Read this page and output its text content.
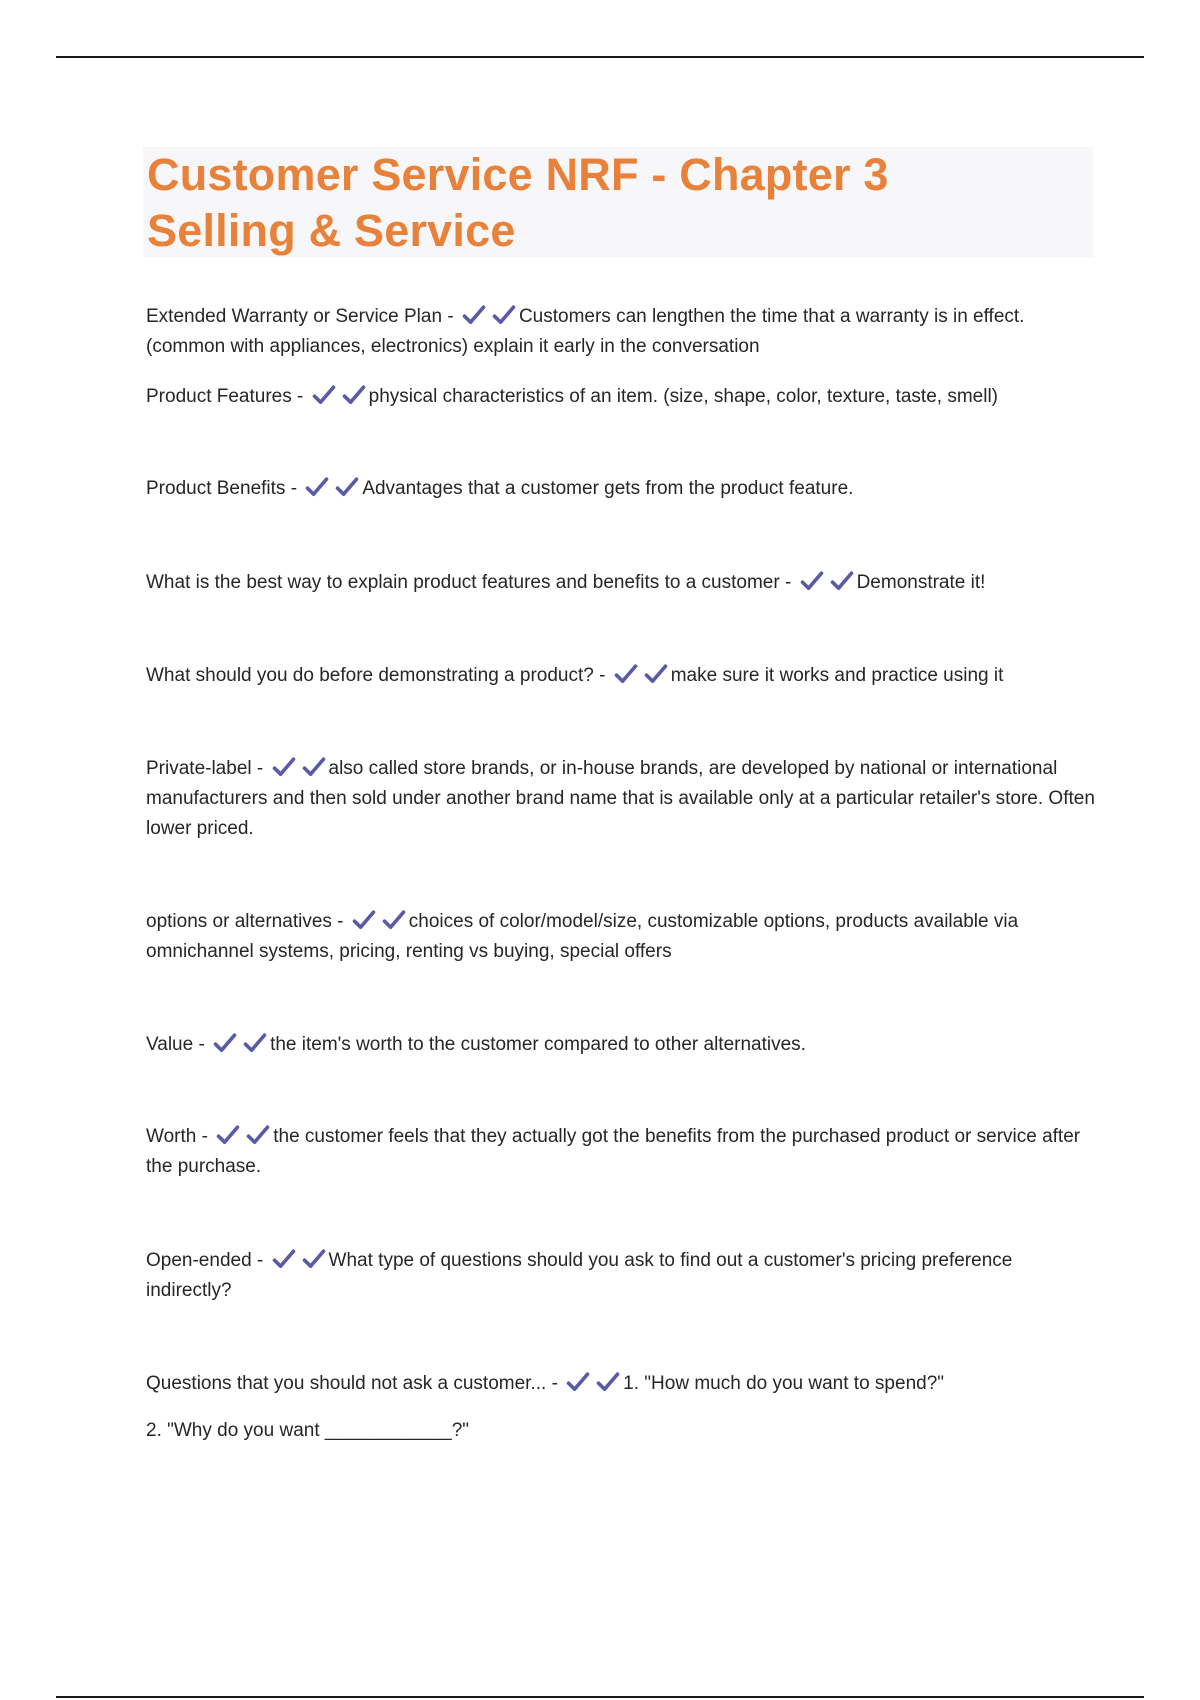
Customer Service NRF - Chapter 3
Selling & Service
Extended Warranty or Service Plan -	Customers can lengthen the time that a warranty is in effect. (common with appliances, electronics) explain it early in the conversation
Product Features -	physical characteristics of an item. (size, shape, color, texture, taste, smell)
Product Benefits -	Advantages that a customer gets from the product feature.
What is the best way to explain product features and benefits to a customer -	Demonstrate it!
What should you do before demonstrating a product? -	make sure it works and practice using it
Private-label -	also called store brands, or in-house brands, are developed by national or international manufacturers and then sold under another brand name that is available only at a particular retailer's store. Often lower priced.
options or alternatives -	choices of color/model/size, customizable options, products available via omnichannel systems, pricing, renting vs buying, special offers
Value -	the item's worth to the customer compared to other alternatives.
Worth -	the customer feels that they actually got the benefits from the purchased product or service after the purchase.
Open-ended -	What type of questions should you ask to find out a customer's pricing preference indirectly?
Questions that you should not ask a customer... -	1. "How much do you want to spend?"
2. "Why do you want ____________?"
